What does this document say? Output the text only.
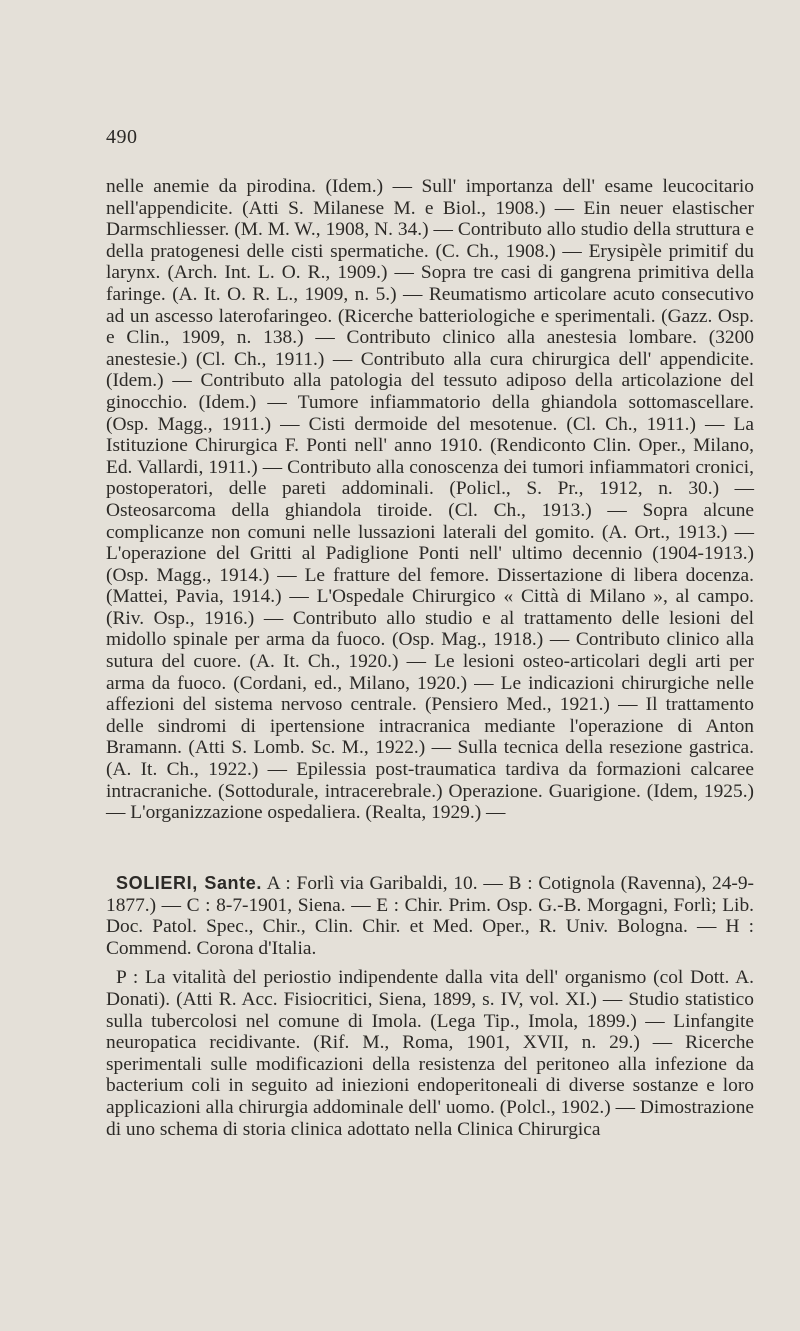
490

nelle anemie da pirodina. (Idem.) — Sull' importanza dell' esame leucocitario nell'appendicite. (Atti S. Milanese M. e Biol., 1908.) — Ein neuer elastischer Darmschliesser. (M. M. W., 1908, N. 34.) — Contributo allo studio della struttura e della pratogenesi delle cisti spermatiche. (C. Ch., 1908.) — Erysipèle primitif du larynx. (Arch. Int. L. O. R., 1909.) — Sopra tre casi di gangrena primitiva della faringe. (A. It. O. R. L., 1909, n. 5.) — Reumatismo articolare acuto consecutivo ad un ascesso laterofaringeo. (Ricerche batteriologiche e sperimentali. (Gazz. Osp. e Clin., 1909, n. 138.) — Contributo clinico alla anestesia lombare. (3200 anestesie.) (Cl. Ch., 1911.) — Contributo alla cura chirurgica dell' appendicite. (Idem.) — Contributo alla patologia del tessuto adiposo della articolazione del ginocchio. (Idem.) — Tumore infiammatorio della ghiandola sottomascellare. (Osp. Magg., 1911.) — Cisti dermoide del mesotenue. (Cl. Ch., 1911.) — La Istituzione Chirurgica F. Ponti nell' anno 1910. (Rendiconto Clin. Oper., Milano, Ed. Vallardi, 1911.) — Contributo alla conoscenza dei tumori infiammatori cronici, postoperatori, delle pareti addominali. (Policl., S. Pr., 1912, n. 30.) — Osteosarcoma della ghiandola tiroide. (Cl. Ch., 1913.) — Sopra alcune complicanze non comuni nelle lussazioni laterali del gomito. (A. Ort., 1913.) — L'operazione del Gritti al Padiglione Ponti nell' ultimo decennio (1904-1913.) (Osp. Magg., 1914.) — Le fratture del femore. Dissertazione di libera docenza. (Mattei, Pavia, 1914.) — L'Ospedale Chirurgico « Città di Milano », al campo. (Riv. Osp., 1916.) — Contributo allo studio e al trattamento delle lesioni del midollo spinale per arma da fuoco. (Osp. Mag., 1918.) — Contributo clinico alla sutura del cuore. (A. It. Ch., 1920.) — Le lesioni osteo-articolari degli arti per arma da fuoco. (Cordani, ed., Milano, 1920.) — Le indicazioni chirurgiche nelle affezioni del sistema nervoso centrale. (Pensiero Med., 1921.) — Il trattamento delle sindromi di ipertensione intracranica mediante l'operazione di Anton Bramann. (Atti S. Lomb. Sc. M., 1922.) — Sulla tecnica della resezione gastrica. (A. It. Ch., 1922.) — Epilessia post-traumatica tardiva da formazioni calcaree intracraniche. (Sottodurale, intracerebrale.) Operazione. Guarigione. (Idem, 1925.) — L'organizzazione ospedaliera. (Realta, 1929.) —

SOLIERI, Sante. A : Forlì via Garibaldi, 10. — B : Cotignola (Ravenna), 24-9-1877.) — C : 8-7-1901, Siena. — E : Chir. Prim. Osp. G.-B. Morgagni, Forlì; Lib. Doc. Patol. Spec., Chir., Clin. Chir. et Med. Oper., R. Univ. Bologna. — H : Commend. Corona d'Italia.

P : La vitalità del periostio indipendente dalla vita dell' organismo (col Dott. A. Donati). (Atti R. Acc. Fisiocritici, Siena, 1899, s. IV, vol. XI.) — Studio statistico sulla tubercolosi nel comune di Imola. (Lega Tip., Imola, 1899.) — Linfangite neuropatica recidivante. (Rif. M., Roma, 1901, XVII, n. 29.) — Ricerche sperimentali sulle modificazioni della resistenza del peritoneo alla infezione da bacterium coli in seguito ad iniezioni endoperitoneali di diverse sostanze e loro applicazioni alla chirurgia addominale dell' uomo. (Polcl., 1902.) — Dimostrazione di uno schema di storia clinica adottato nella Clinica Chirurgica
